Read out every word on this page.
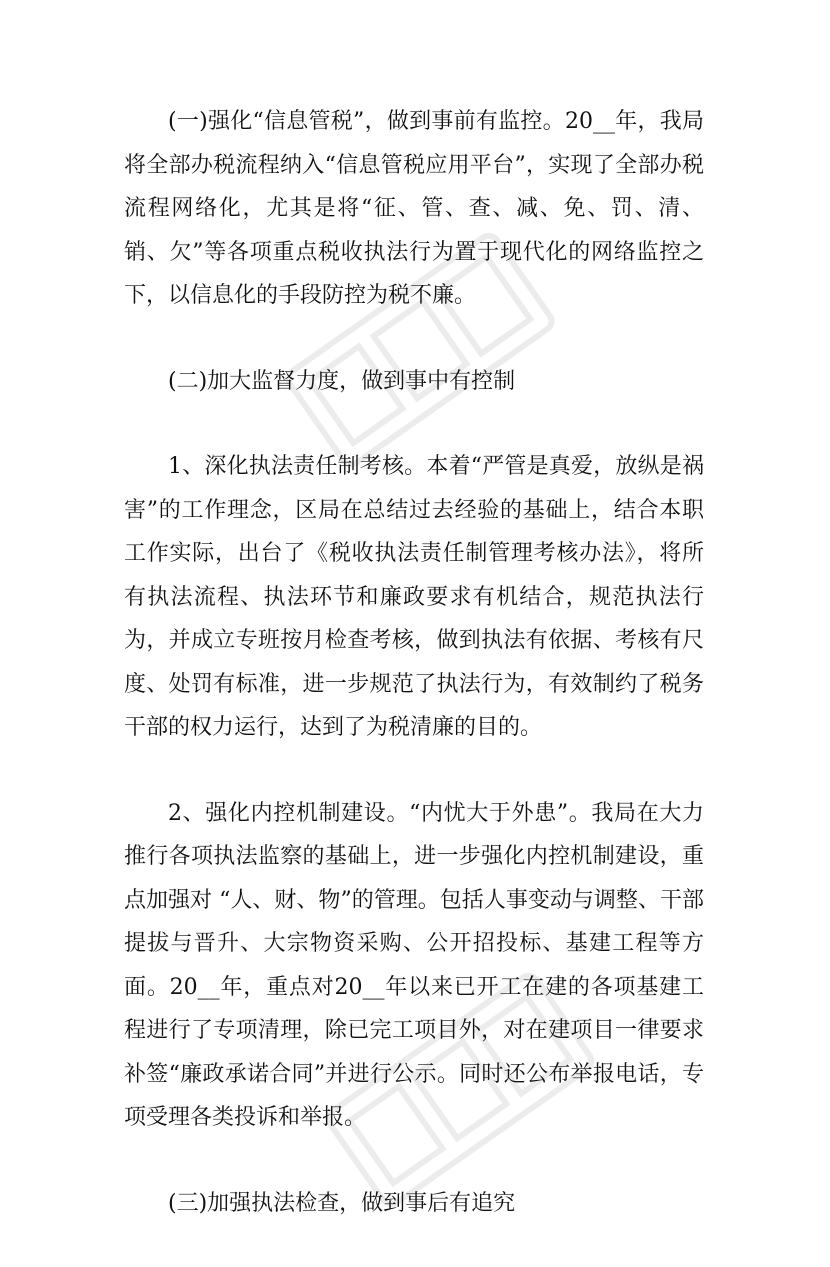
(一)强化“信息管税”，做到事前有监控。20__年，我局将全部办税流程纳入“信息管税应用平台”，实现了全部办税流程网络化，尤其是将“征、管、查、减、免、罚、清、销、欠”等各项重点税收执法行为置于现代化的网络监控之下，以信息化的手段防控为税不廉。

(二)加大监督力度，做到事中有控制

1、深化执法责任制考核。本着“严管是真爱，放纵是祸害”的工作理念，区局在总结过去经验的基础上，结合本职工作实际，出台了《税收执法责任制管理考核办法》，将所有执法流程、执法环节和廉政要求有机结合，规范执法行为，并成立专班按月检查考核，做到执法有依据、考核有尺度、处罚有标准，进一步规范了执法行为，有效制约了税务干部的权力运行，达到了为税清廉的目的。

2、强化内控机制建设。“内忧大于外患”。我局在大力推行各项执法监察的基础上，进一步强化内控机制建设，重点加强对 “人、财、物”的管理。包括人事变动与调整、干部提拔与晋升、大宗物资采购、公开招投标、基建工程等方面。20__年，重点对20__年以来已开工在建的各项基建工程进行了专项清理，除已完工项目外，对在建项目一律要求补签“廉政承诺合同”并进行公示。同时还公布举报电话，专项受理各类投诉和举报。

(三)加强执法检查，做到事后有追究
